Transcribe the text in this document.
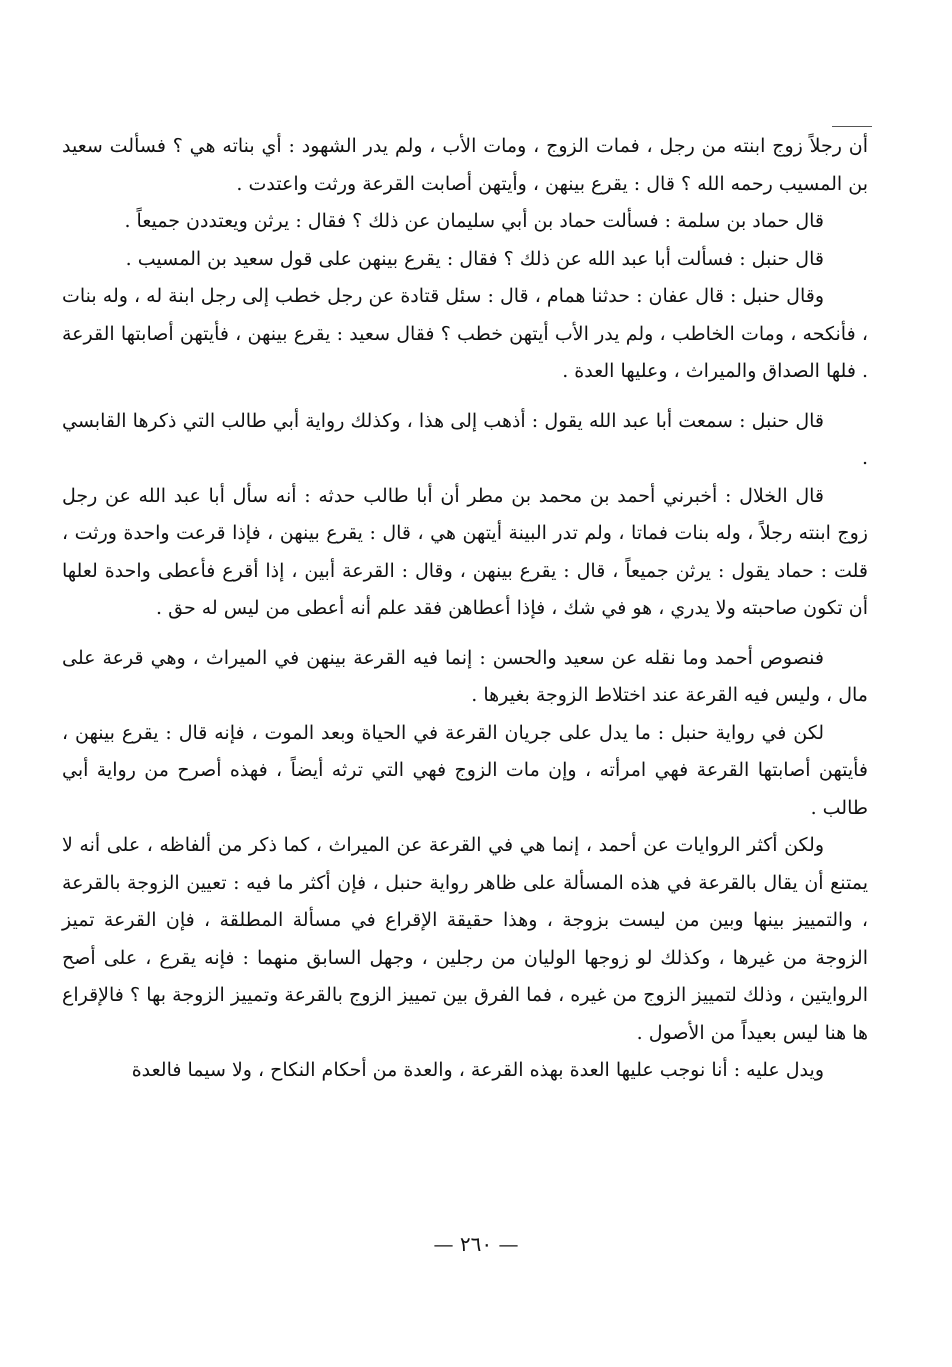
أن رجلاً زوج ابنته من رجل ، فمات الزوج ، ومات الأب ، ولم يدر الشهود : أي بناته هي ؟ فسألت سعيد بن المسيب رحمه الله ؟ قال : يقرع بينهن ، وأيتهن أصابت القرعة ورثت واعتدت .

قال حماد بن سلمة : فسألت حماد بن أبي سليمان عن ذلك ؟ فقال : يرثن ويعتددن جميعاً .

قال حنبل : فسألت أبا عبد الله عن ذلك ؟ فقال : يقرع بينهن على قول سعيد بن المسيب .

وقال حنبل : قال عفان : حدثنا همام ، قال : سئل قتادة عن رجل خطب إلى رجل ابنة له ، وله بنات ، فأنكحه ، ومات الخاطب ، ولم يدر الأب أيتهن خطب ؟ فقال سعيد : يقرع بينهن ، فأيتهن أصابتها القرعة . فلها الصداق والميراث ، وعليها العدة .

قال حنبل : سمعت أبا عبد الله يقول : أذهب إلى هذا ، وكذلك رواية أبي طالب التي ذكرها القابسي .

قال الخلال : أخبرني أحمد بن محمد بن مطر أن أبا طالب حدثه : أنه سأل أبا عبد الله عن رجل زوج ابنته رجلاً ، وله بنات فماتا ، ولم تدر البينة أيتهن هي ، قال : يقرع بينهن ، فإذا قرعت واحدة ورثت ، قلت : حماد يقول : يرثن جميعاً ، قال : يقرع بينهن ، وقال : القرعة أبين ، إذا أقرع فأعطى واحدة لعلها أن تكون صاحبته ولا يدري ، هو في شك ، فإذا أعطاهن فقد علم أنه أعطى من ليس له حق .

فنصوص أحمد وما نقله عن سعيد والحسن : إنما فيه القرعة بينهن في الميراث ، وهي قرعة على مال ، وليس فيه القرعة عند اختلاط الزوجة بغيرها .

لكن في رواية حنبل : ما يدل على جريان القرعة في الحياة وبعد الموت ، فإنه قال : يقرع بينهن ، فأيتهن أصابتها القرعة فهي امرأته ، وإن مات الزوج فهي التي ترثه أيضاً ، فهذه أصرح من رواية أبي طالب .

ولكن أكثر الروايات عن أحمد ، إنما هي في القرعة عن الميراث ، كما ذكر من ألفاظه ، على أنه لا يمتنع أن يقال بالقرعة في هذه المسألة على ظاهر رواية حنبل ، فإن أكثر ما فيه : تعيين الزوجة بالقرعة ، والتمييز بينها وبين من ليست بزوجة ، وهذا حقيقة الإقراع في مسألة المطلقة ، فإن القرعة تميز الزوجة من غيرها ، وكذلك لو زوجها الوليان من رجلين ، وجهل السابق منهما : فإنه يقرع ، على أصح الروايتين ، وذلك لتمييز الزوج من غيره ، فما الفرق بين تمييز الزوج بالقرعة وتمييز الزوجة بها ؟ فالإقراع ها هنا ليس بعيداً من الأصول .

ويدل عليه : أنا نوجب عليها العدة بهذه القرعة ، والعدة من أحكام النكاح ، ولا سيما فالعدة

— ٢٦٠ —
